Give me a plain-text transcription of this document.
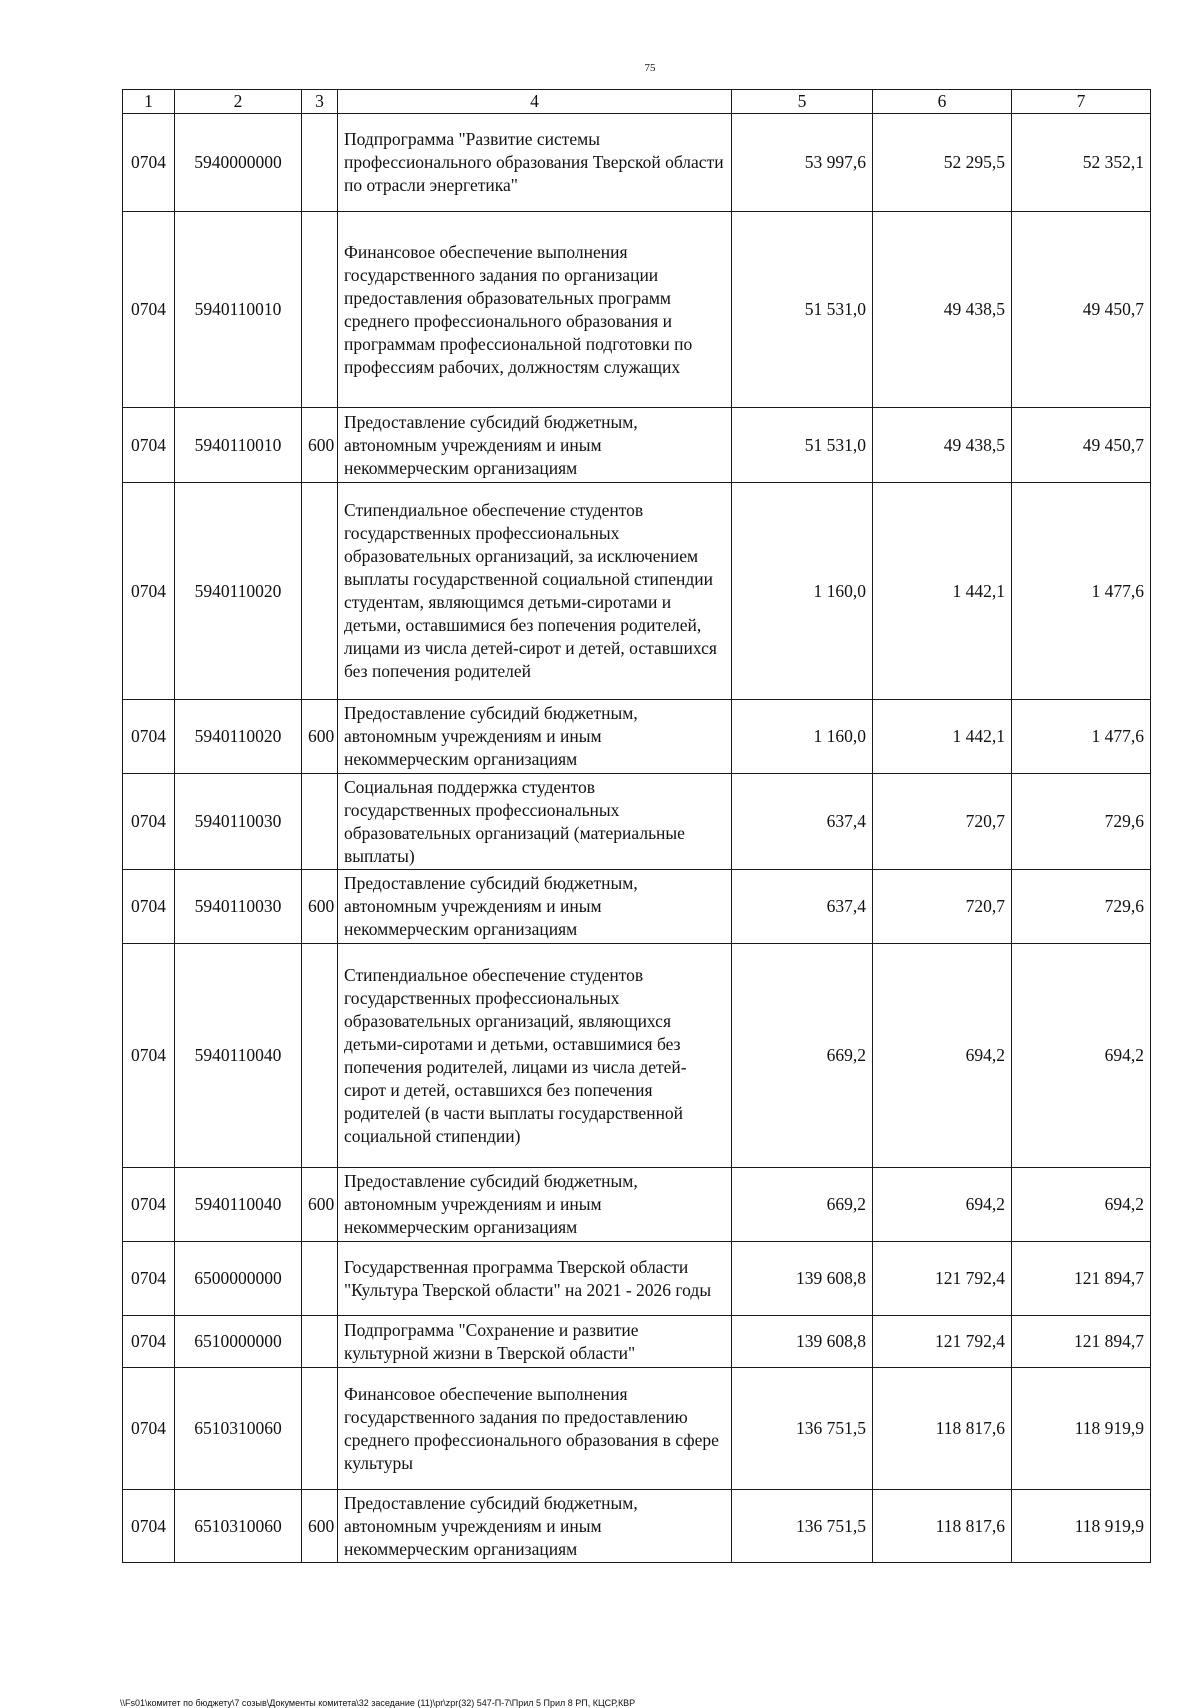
75
1	2	3	4	5	6	7
0704	5940000000		Подпрограмма "Развитие системы профессионального образования Тверской области по отрасли энергетика"	53 997,6	52 295,5	52 352,1
0704	5940110010		Финансовое обеспечение выполнения государственного задания по организации предоставления образовательных программ среднего профессионального образования и программам профессиональной подготовки по профессиям рабочих, должностям служащих	51 531,0	49 438,5	49 450,7
0704	5940110010	600	Предоставление субсидий бюджетным, автономным учреждениям и иным некоммерческим организациям	51 531,0	49 438,5	49 450,7
0704	5940110020		Стипендиальное обеспечение студентов государственных профессиональных образовательных организаций, за исключением выплаты государственной социальной стипендии студентам, являющимся детьми-сиротами и детьми, оставшимися без попечения родителей, лицами из числа детей-сирот и детей, оставшихся без попечения родителей	1 160,0	1 442,1	1 477,6
0704	5940110020	600	Предоставление субсидий бюджетным, автономным учреждениям и иным некоммерческим организациям	1 160,0	1 442,1	1 477,6
0704	5940110030		Социальная поддержка студентов государственных профессиональных образовательных организаций (материальные выплаты)	637,4	720,7	729,6
0704	5940110030	600	Предоставление субсидий бюджетным, автономным учреждениям и иным некоммерческим организациям	637,4	720,7	729,6
0704	5940110040		Стипендиальное обеспечение студентов государственных профессиональных образовательных организаций, являющихся детьми-сиротами и детьми, оставшимися без попечения родителей, лицами из числа детей-сирот и детей, оставшихся без попечения родителей (в части выплаты государственной социальной стипендии)	669,2	694,2	694,2
0704	5940110040	600	Предоставление субсидий бюджетным, автономным учреждениям и иным некоммерческим организациям	669,2	694,2	694,2
0704	6500000000		Государственная программа Тверской области "Культура Тверской области" на 2021 - 2026 годы	139 608,8	121 792,4	121 894,7
0704	6510000000		Подпрограмма "Сохранение и развитие культурной жизни в Тверской области"	139 608,8	121 792,4	121 894,7
0704	6510310060		Финансовое обеспечение выполнения государственного задания по предоставлению среднего профессионального образования в сфере культуры	136 751,5	118 817,6	118 919,9
0704	6510310060	600	Предоставление субсидий бюджетным, автономным учреждениям и иным некоммерческим организациям	136 751,5	118 817,6	118 919,9
\\Fs01\комитет по бюджету\7 созыв\Документы комитета\32 заседание (11)\pr\zpr(32) 547-П-7\Прил 5 Прил 8 РП, КЦСР,КВР
